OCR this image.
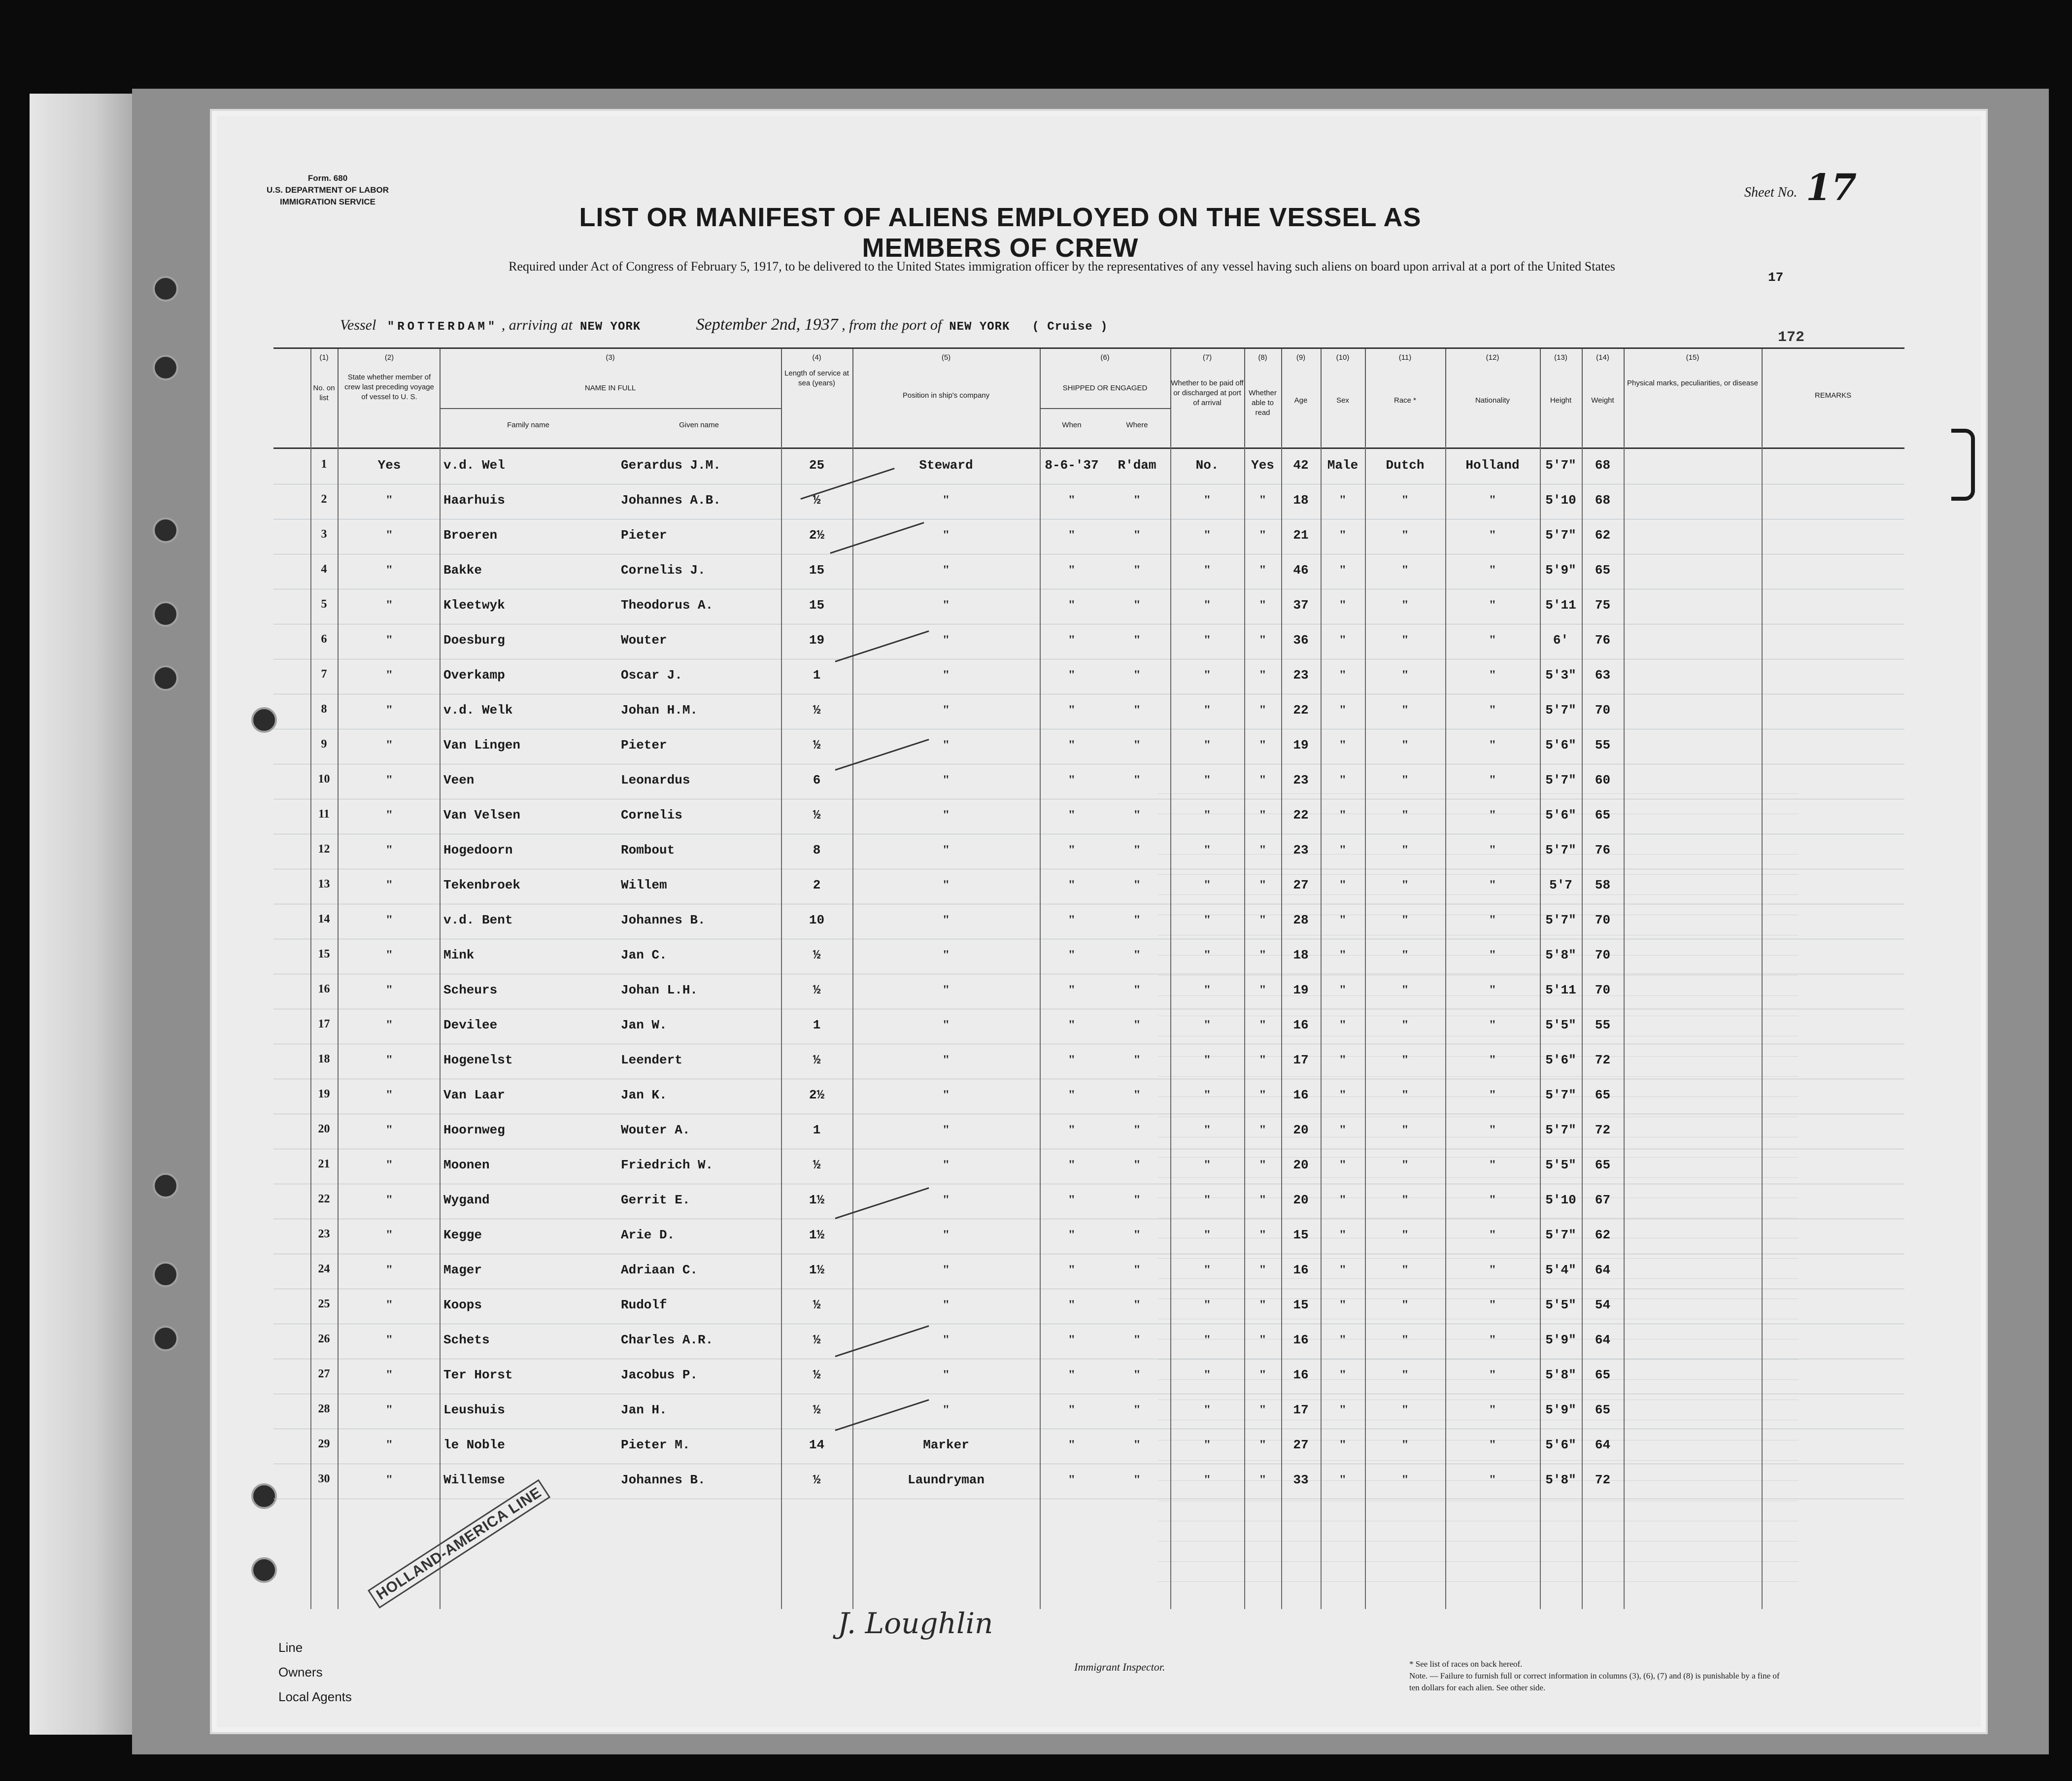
Form. 680
U.S. DEPARTMENT OF LABOR
IMMIGRATION SERVICE
LIST OR MANIFEST OF ALIENS EMPLOYED ON THE VESSEL AS MEMBERS OF CREW
Required under Act of Congress of February 5, 1917, to be delivered to the United States immigration officer by the representatives of any vessel having such aliens on board upon arrival at a port of the United States
Sheet No. 17
17
172
Vessel "ROTTERDAM" , arriving at NEW YORK	September 2nd, 1937 , from the port of NEW YORK ( Cruise )
(1)
No. on list
(2)
State whether member of crew last preceding voyage of vessel to U. S.
(3)
NAME IN FULL
Family name	Given name
(4)
Length of service at sea (years)
(5)
Position in ship's company
(6)
SHIPPED OR ENGAGED
When	Where
(7)
Whether to be paid off or discharged at port of arrival
(8)
Whether able to read
(9)
Age
(10)
Sex
(11)
Race *
(12)
Nationality
(13)
Height
(14)
Weight
(15)
Physical marks, peculiarities, or disease
REMARKS
1	Yes	v.d. Wel	Gerardus J.M.	25	Steward	8-6-'37	R'dam	No.	Yes	42	Male	Dutch	Holland	5'7"	68
2	"	Haarhuis	Johannes A.B.	½	"	"	"	"	"	18	"	"	"	5'10	68
3	"	Broeren	Pieter	2½	"	"	"	"	"	21	"	"	"	5'7"	62
4	"	Bakke	Cornelis J.	15	"	"	"	"	"	46	"	"	"	5'9"	65
5	"	Kleetwyk	Theodorus A.	15	"	"	"	"	"	37	"	"	"	5'11	75
6	"	Doesburg	Wouter	19	"	"	"	"	"	36	"	"	"	6'	76
7	"	Overkamp	Oscar J.	1	"	"	"	"	"	23	"	"	"	5'3"	63
8	"	v.d. Welk	Johan H.M.	½	"	"	"	"	"	22	"	"	"	5'7"	70
9	"	Van Lingen	Pieter	½	"	"	"	"	"	19	"	"	"	5'6"	55
10	"	Veen	Leonardus	6	"	"	"	"	"	23	"	"	"	5'7"	60
11	"	Van Velsen	Cornelis	½	"	"	"	"	"	22	"	"	"	5'6"	65
12	"	Hogedoorn	Rombout	8	"	"	"	"	"	23	"	"	"	5'7"	76
13	"	Tekenbroek	Willem	2	"	"	"	"	"	27	"	"	"	5'7	58
14	"	v.d. Bent	Johannes B.	10	"	"	"	"	"	28	"	"	"	5'7"	70
15	"	Mink	Jan C.	½	"	"	"	"	"	18	"	"	"	5'8"	70
16	"	Scheurs	Johan L.H.	½	"	"	"	"	"	19	"	"	"	5'11	70
17	"	Devilee	Jan W.	1	"	"	"	"	"	16	"	"	"	5'5"	55
18	"	Hogenelst	Leendert	½	"	"	"	"	"	17	"	"	"	5'6"	72
19	"	Van Laar	Jan K.	2½	"	"	"	"	"	16	"	"	"	5'7"	65
20	"	Hoornweg	Wouter A.	1	"	"	"	"	"	20	"	"	"	5'7"	72
21	"	Moonen	Friedrich W.	½	"	"	"	"	"	20	"	"	"	5'5"	65
22	"	Wygand	Gerrit E.	1½	"	"	"	"	"	20	"	"	"	5'10	67
23	"	Kegge	Arie D.	1½	"	"	"	"	"	15	"	"	"	5'7"	62
24	"	Mager	Adriaan C.	1½	"	"	"	"	"	16	"	"	"	5'4"	64
25	"	Koops	Rudolf	½	"	"	"	"	"	15	"	"	"	5'5"	54
26	"	Schets	Charles A.R.	½	"	"	"	"	"	16	"	"	"	5'9"	64
27	"	Ter Horst	Jacobus P.	½	"	"	"	"	"	16	"	"	"	5'8"	65
28	"	Leushuis	Jan H.	½	"	"	"	"	"	17	"	"	"	5'9"	65
29	"	le Noble	Pieter M.	14	Marker	"	"	"	"	27	"	"	"	5'6"	64
30	"	Willemse	Johannes B.	½	Laundryman	"	"	"	"	33	"	"	"	5'8"	72
Line
Owners
Local Agents
HOLLAND-AMERICA LINE
J. Loughlin
Immigrant Inspector.	* See list of races on back hereof.
Note. — Failure to furnish full or correct information in columns (3), (6), (7) and (8) is punishable by a fine of ten dollars for each alien. See other side.
